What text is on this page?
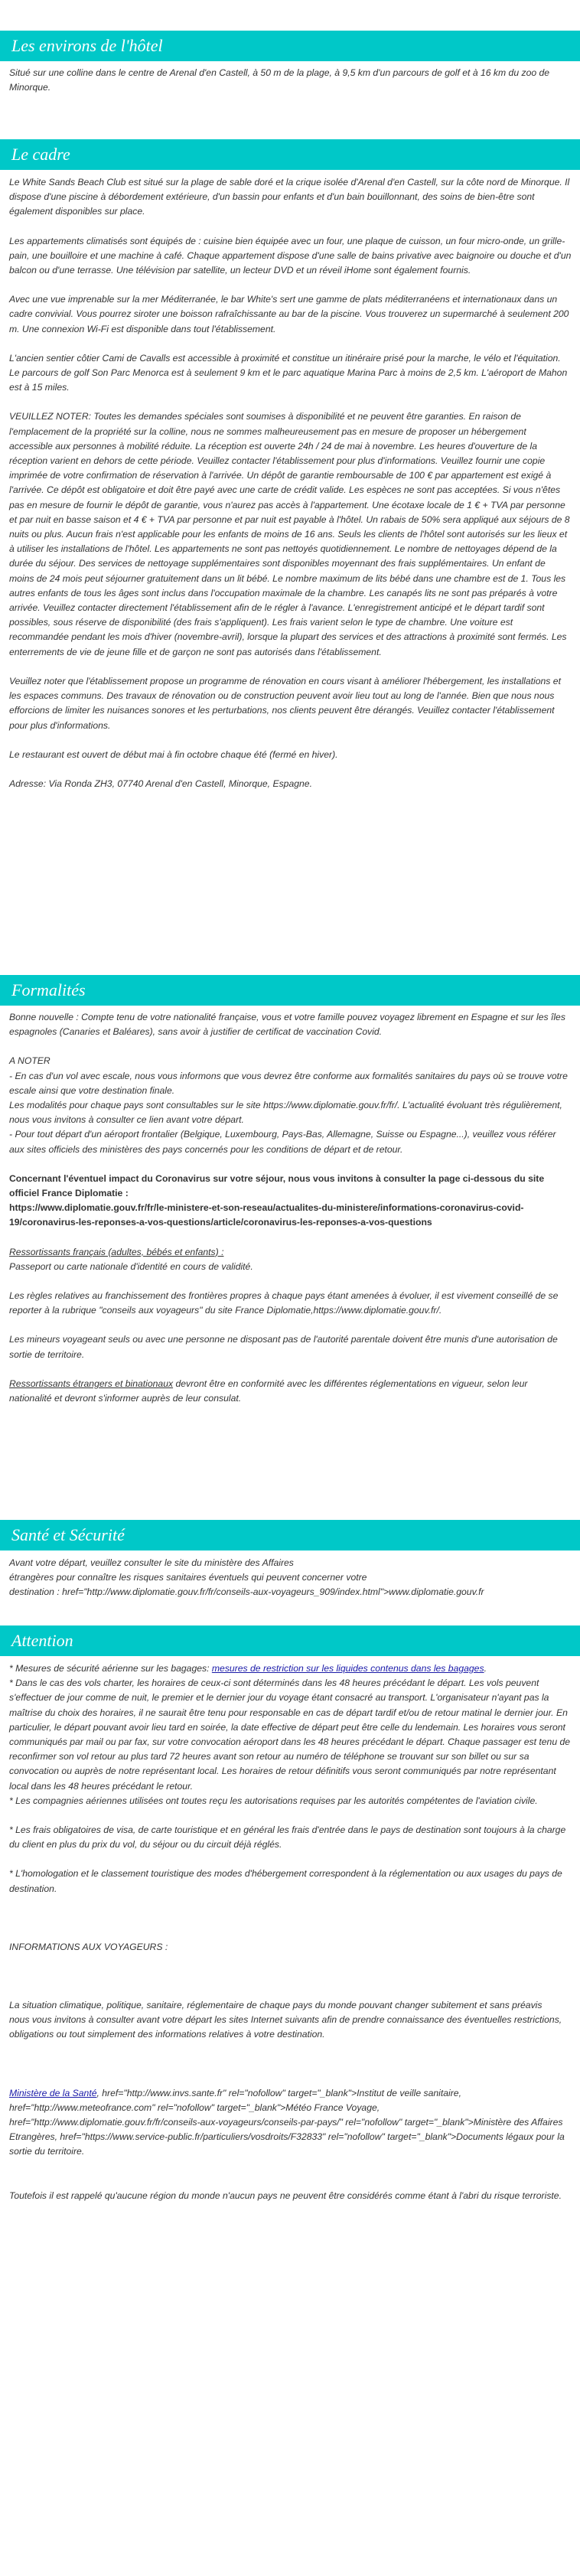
Les environs de l'hôtel

Situé sur une colline dans le centre de Arenal d'en Castell, à 50 m de la plage, à 9,5 km d'un parcours de golf et à 16 km du zoo de Minorque.

Le cadre

Le White Sands Beach Club est situé sur la plage de sable doré et la crique isolée d'Arenal d'en Castell, sur la côte nord de Minorque. Il dispose d'une piscine à débordement extérieure, d'un bassin pour enfants et d'un bain bouillonnant, des soins de bien-être sont également disponibles sur place.

Les appartements climatisés sont équipés de : cuisine bien équipée avec un four, une plaque de cuisson, un four micro-onde, un grille-pain, une bouilloire et une machine à café. Chaque appartement dispose d'une salle de bains privative avec baignoire ou douche et d'un balcon ou d'une terrasse. Une télévision par satellite, un lecteur DVD et un réveil iHome sont également fournis.

Avec une vue imprenable sur la mer Méditerranée, le bar White's sert une gamme de plats méditerranéens et internationaux dans un cadre convivial. Vous pourrez siroter une boisson rafraîchissante au bar de la piscine. Vous trouverez un supermarché à seulement 200 m. Une connexion Wi-Fi est disponible dans tout l'établissement.

L'ancien sentier côtier Cami de Cavalls est accessible à proximité et constitue un itinéraire prisé pour la marche, le vélo et l'équitation. Le parcours de golf Son Parc Menorca est à seulement 9 km et le parc aquatique Marina Parc à moins de 2,5 km. L'aéroport de Mahon est à 15 miles.

VEUILLEZ NOTER: Toutes les demandes spéciales sont soumises à disponibilité et ne peuvent être garanties. En raison de l'emplacement de la propriété sur la colline, nous ne sommes malheureusement pas en mesure de proposer un hébergement accessible aux personnes à mobilité réduite. La réception est ouverte 24h / 24 de mai à novembre. Les heures d'ouverture de la réception varient en dehors de cette période. Veuillez contacter l'établissement pour plus d'informations. Veuillez fournir une copie imprimée de votre confirmation de réservation à l'arrivée. Un dépôt de garantie remboursable de 100 € par appartement est exigé à l'arrivée. Ce dépôt est obligatoire et doit être payé avec une carte de crédit valide. Les espèces ne sont pas acceptées. Si vous n'êtes pas en mesure de fournir le dépôt de garantie, vous n'aurez pas accès à l'appartement. Une écotaxe locale de 1 € + TVA par personne et par nuit en basse saison et 4 € + TVA par personne et par nuit est payable à l'hôtel. Un rabais de 50% sera appliqué aux séjours de 8 nuits ou plus. Aucun frais n'est applicable pour les enfants de moins de 16 ans. Seuls les clients de l'hôtel sont autorisés sur les lieux et à utiliser les installations de l'hôtel. Les appartements ne sont pas nettoyés quotidiennement. Le nombre de nettoyages dépend de la durée du séjour. Des services de nettoyage supplémentaires sont disponibles moyennant des frais supplémentaires. Un enfant de moins de 24 mois peut séjourner gratuitement dans un lit bébé. Le nombre maximum de lits bébé dans une chambre est de 1. Tous les autres enfants de tous les âges sont inclus dans l'occupation maximale de la chambre. Les canapés lits ne sont pas préparés à votre arrivée. Veuillez contacter directement l'établissement afin de le régler à l'avance. L'enregistrement anticipé et le départ tardif sont possibles, sous réserve de disponibilité (des frais s'appliquent). Les frais varient selon le type de chambre. Une voiture est recommandée pendant les mois d'hiver (novembre-avril), lorsque la plupart des services et des attractions à proximité sont fermés. Les enterrements de vie de jeune fille et de garçon ne sont pas autorisés dans l'établissement.

Veuillez noter que l'établissement propose un programme de rénovation en cours visant à améliorer l'hébergement, les installations et les espaces communs. Des travaux de rénovation ou de construction peuvent avoir lieu tout au long de l'année. Bien que nous nous efforcions de limiter les nuisances sonores et les perturbations, nos clients peuvent être dérangés. Veuillez contacter l'établissement pour plus d'informations.

Le restaurant est ouvert de début mai à fin octobre chaque été (fermé en hiver).

Adresse: Via Ronda ZH3, 07740 Arenal d'en Castell, Minorque, Espagne.

Formalités

Bonne nouvelle : Compte tenu de votre nationalité française, vous et votre famille pouvez voyagez librement en Espagne et sur les îles espagnoles (Canaries et Baléares), sans avoir à justifier de certificat de vaccination Covid.

A NOTER
- En cas d'un vol avec escale, nous vous informons que vous devrez être conforme aux formalités sanitaires du pays où se trouve votre escale ainsi que votre destination finale.
Les modalités pour chaque pays sont consultables sur le site https://www.diplomatie.gouv.fr/fr/. L'actualité évoluant très régulièrement, nous vous invitons à consulter ce lien avant votre départ.
- Pour tout départ d'un aéroport frontalier (Belgique, Luxembourg, Pays-Bas, Allemagne, Suisse ou Espagne...), veuillez vous référer aux sites officiels des ministères des pays concernés pour les conditions de départ et de retour.

Concernant l'éventuel impact du Coronavirus sur votre séjour, nous vous invitons à consulter la page ci-dessous du site officiel France Diplomatie :
https://www.diplomatie.gouv.fr/fr/le-ministere-et-son-reseau/actualites-du-ministere/informations-coronavirus-covid-19/coronavirus-les-reponses-a-vos-questions/article/coronavirus-les-reponses-a-vos-questions

Ressortissants français (adultes, bébés et enfants) :
Passeport ou carte nationale d'identité en cours de validité.

Les règles relatives au franchissement des frontières propres à chaque pays étant amenées à évoluer, il est vivement conseillé de se reporter à la rubrique "conseils aux voyageurs" du site France Diplomatie,https://www.diplomatie.gouv.fr/.

Les mineurs voyageant seuls ou avec une personne ne disposant pas de l'autorité parentale doivent être munis d'une autorisation de sortie de territoire.

Ressortissants étrangers et binationaux devront être en conformité avec les différentes réglementations en vigueur, selon leur nationalité et devront s'informer auprès de leur consulat.

Santé et Sécurité

Avant votre départ, veuillez consulter le site du ministère des Affaires
étrangères pour connaître les risques sanitaires éventuels qui peuvent concerner votre
destination : href="http://www.diplomatie.gouv.fr/fr/conseils-aux-voyageurs_909/index.html">www.diplomatie.gouv.fr

Attention

* Mesures de sécurité aérienne sur les bagages: mesures de restriction sur les liquides contenus dans les bagages.
* Dans le cas des vols charter, les horaires de ceux-ci sont déterminés dans les 48 heures précédant le départ. Les vols peuvent s'effectuer de jour comme de nuit, le premier et le dernier jour du voyage étant consacré au transport. L'organisateur n'ayant pas la maîtrise du choix des horaires, il ne saurait être tenu pour responsable en cas de départ tardif et/ou de retour matinal le dernier jour. En particulier, le départ pouvant avoir lieu tard en soirée, la date effective de départ peut être celle du lendemain. Les horaires vous seront communiqués par mail ou par fax, sur votre convocation aéroport dans les 48 heures précédant le départ. Chaque passager est tenu de reconfirmer son vol retour au plus tard 72 heures avant son retour au numéro de téléphone se trouvant sur son billet ou sur sa convocation ou auprès de notre représentant local. Les horaires de retour définitifs vous seront communiqués par notre représentant local dans les 48 heures précédant le retour.
* Les compagnies aériennes utilisées ont toutes reçu les autorisations requises par les autorités compétentes de l'aviation civile.

* Les frais obligatoires de visa, de carte touristique et en général les frais d'entrée dans le pays de destination sont toujours à la charge du client en plus du prix du vol, du séjour ou du circuit déjà réglés.

* L'homologation et le classement touristique des modes d'hébergement correspondent à la réglementation ou aux usages du pays de destination.

INFORMATIONS AUX VOYAGEURS :

La situation climatique, politique, sanitaire, réglementaire de chaque pays du monde pouvant changer subitement et sans préavis
nous vous invitons à consulter avant votre départ les sites Internet suivants afin de prendre connaissance des éventuelles restrictions, obligations ou tout simplement des informations relatives à votre destination.

Ministère de la Santé, href="http://www.invs.sante.fr" rel="nofollow" target="_blank">Institut de veille sanitaire, href="http://www.meteofrance.com" rel="nofollow" target="_blank">Météo France Voyage, href="http://www.diplomatie.gouv.fr/fr/conseils-aux-voyageurs/conseils-par-pays/" rel="nofollow" target="_blank">Ministère des Affaires Etrangères, href="https://www.service-public.fr/particuliers/vosdroits/F32833" rel="nofollow" target="_blank">Documents légaux pour la sortie du territoire.

Toutefois il est rappelé qu'aucune région du monde n'aucun pays ne peuvent être considérés comme étant à l'abri du risque terroriste.
